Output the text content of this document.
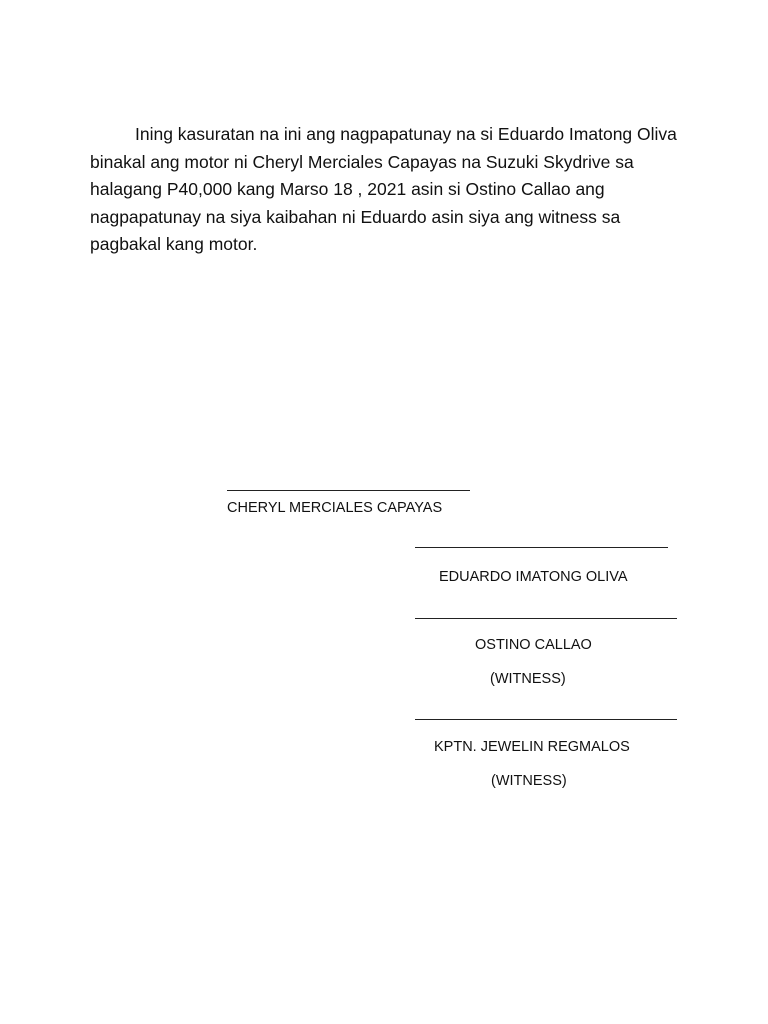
Ining kasuratan na ini ang nagpapatunay na si Eduardo Imatong Oliva binakal ang motor ni Cheryl Merciales Capayas na Suzuki Skydrive sa halagang P40,000 kang Marso 18 , 2021 asin si Ostino Callao ang nagpapatunay na siya kaibahan ni Eduardo asin siya ang witness sa pagbakal kang motor.

CHERYL MERCIALES CAPAYAS
EDUARDO IMATONG OLIVA
OSTINO CALLAO
(WITNESS)
KPTN. JEWELIN REGMALOS
(WITNESS)
